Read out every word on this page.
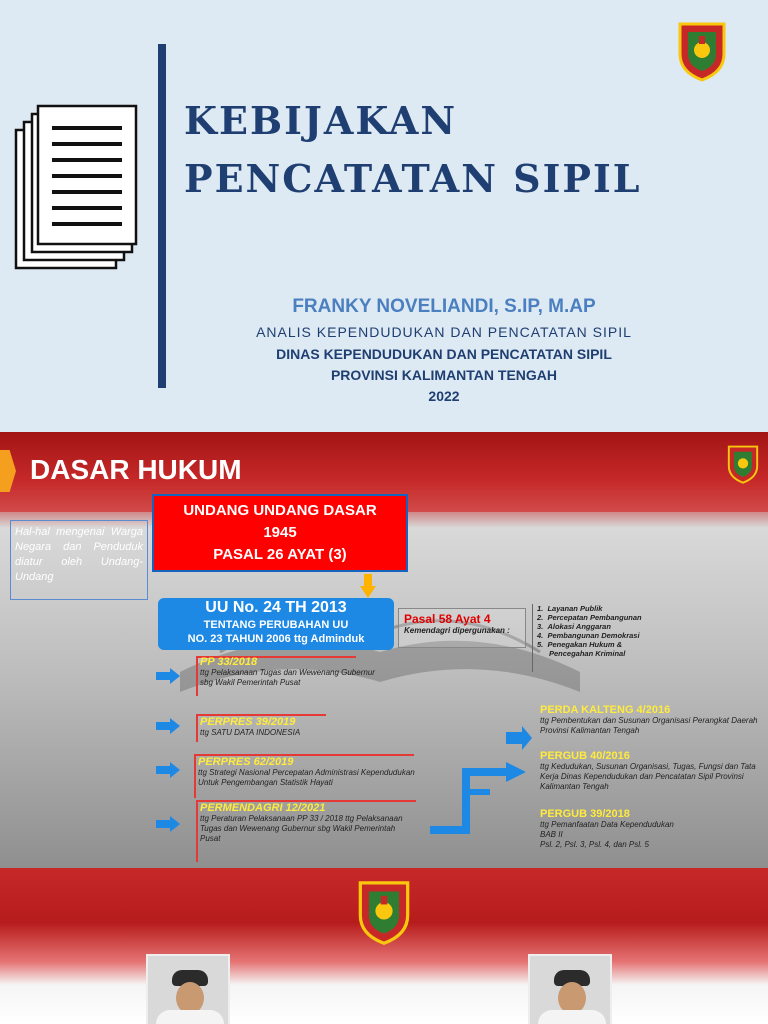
KEBIJAKAN
PENCATATAN SIPIL
FRANKY NOVELIANDI, S.IP, M.AP
ANALIS KEPENDUDUKAN DAN PENCATATAN SIPIL
DINAS KEPENDUDUKAN DAN PENCATATAN SIPIL
PROVINSI KALIMANTAN TENGAH
2022
DASAR HUKUM
Hal-hal mengenai Warga Negara dan Penduduk diatur oleh Undang-Undang
UNDANG UNDANG DASAR
1945
PASAL 26 AYAT (3)
UU No. 24 TH 2013
TENTANG PERUBAHAN UU
NO. 23 TAHUN 2006 ttg Adminduk
Pasal 58 Ayat 4
Kemendagri dipergunakan :
1.  Layanan Publik
2.  Percepatan Pembangunan
3.  Alokasi Anggaran
4.  Pembangunan Demokrasi
5.  Penegakan Hukum &
Pencegahan Kriminal
PP 33/2018
ttg Pelaksanaan Tugas dan Wewenang Gubernur sbg Wakil Pemerintah Pusat
PERPRES 39/2019
ttg SATU DATA INDONESIA
PERPRES 62/2019
ttg Strategi Nasional Percepatan Administrasi Kependudukan Untuk Pengembangan Statistik Hayati
PERMENDAGRI 12/2021
ttg Peraturan Pelaksanaan PP 33 / 2018 ttg Pelaksanaan Tugas dan Wewenang Gubernur sbg Wakil Pemerintah Pusat
PERDA KALTENG 4/2016
ttg Pembentukan dan Susunan Organisasi Perangkat Daerah Provinsi Kalimantan Tengah
PERGUB 40/2016
ttg Kedudukan, Susunan Organisasi, Tugas, Fungsi dan Tata Kerja Dinas Kependudukan dan Pencatatan Sipil Provinsi Kalimantan Tengah
PERGUB 39/2018
ttg Pemanfaatan Data Kependudukan
BAB II
Psl. 2, Psl. 3, Psl. 4, dan Psl. 5
